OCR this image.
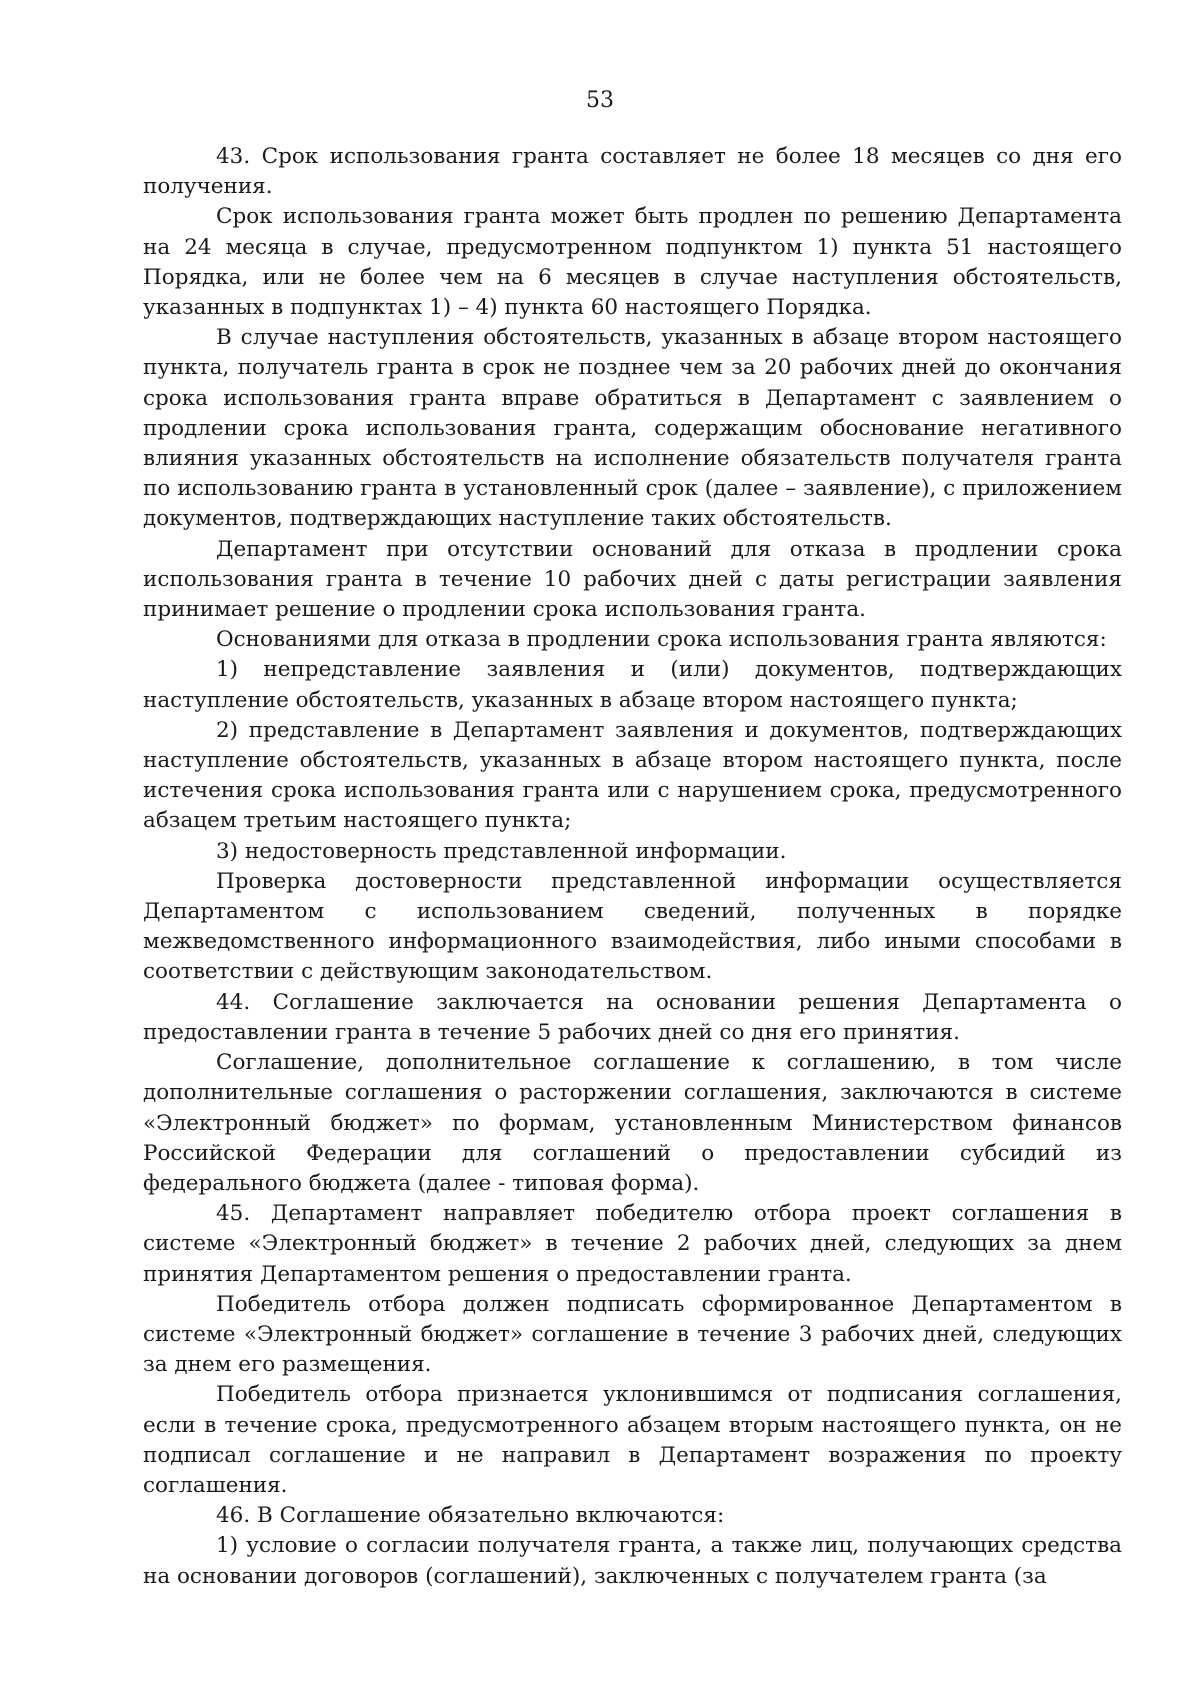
53

43. Срок использования гранта составляет не более 18 месяцев со дня его получения.

Срок использования гранта может быть продлен по решению Департамента на 24 месяца в случае, предусмотренном подпунктом 1) пункта 51 настоящего Порядка, или не более чем на 6 месяцев в случае наступления обстоятельств, указанных в подпунктах 1) – 4) пункта 60 настоящего Порядка.

В случае наступления обстоятельств, указанных в абзаце втором настоящего пункта, получатель гранта в срок не позднее чем за 20 рабочих дней до окончания срока использования гранта вправе обратиться в Департамент с заявлением о продлении срока использования гранта, содержащим обоснование негативного влияния указанных обстоятельств на исполнение обязательств получателя гранта по использованию гранта в установленный срок (далее – заявление), с приложением документов, подтверждающих наступление таких обстоятельств.

Департамент при отсутствии оснований для отказа в продлении срока использования гранта в течение 10 рабочих дней с даты регистрации заявления принимает решение о продлении срока использования гранта.

Основаниями для отказа в продлении срока использования гранта являются:

1) непредставление заявления и (или) документов, подтверждающих наступление обстоятельств, указанных в абзаце втором настоящего пункта;

2) представление в Департамент заявления и документов, подтверждающих наступление обстоятельств, указанных в абзаце втором настоящего пункта, после истечения срока использования гранта или с нарушением срока, предусмотренного абзацем третьим настоящего пункта;

3) недостоверность представленной информации.

Проверка достоверности представленной информации осуществляется Департаментом с использованием сведений, полученных в порядке межведомственного информационного взаимодействия, либо иными способами в соответствии с действующим законодательством.

44. Соглашение заключается на основании решения Департамента о предоставлении гранта в течение 5 рабочих дней со дня его принятия.

Соглашение, дополнительное соглашение к соглашению, в том числе дополнительные соглашения о расторжении соглашения, заключаются в системе «Электронный бюджет» по формам, установленным Министерством финансов Российской Федерации для соглашений о предоставлении субсидий из федерального бюджета (далее - типовая форма).

45. Департамент направляет победителю отбора проект соглашения в системе «Электронный бюджет» в течение 2 рабочих дней, следующих за днем принятия Департаментом решения о предоставлении гранта.

Победитель отбора должен подписать сформированное Департаментом в системе «Электронный бюджет» соглашение в течение 3 рабочих дней, следующих за днем его размещения.

Победитель отбора признается уклонившимся от подписания соглашения, если в течение срока, предусмотренного абзацем вторым настоящего пункта, он не подписал соглашение и не направил в Департамент возражения по проекту соглашения.

46. В Соглашение обязательно включаются:

1) условие о согласии получателя гранта, а также лиц, получающих средства на основании договоров (соглашений), заключенных с получателем гранта (за
